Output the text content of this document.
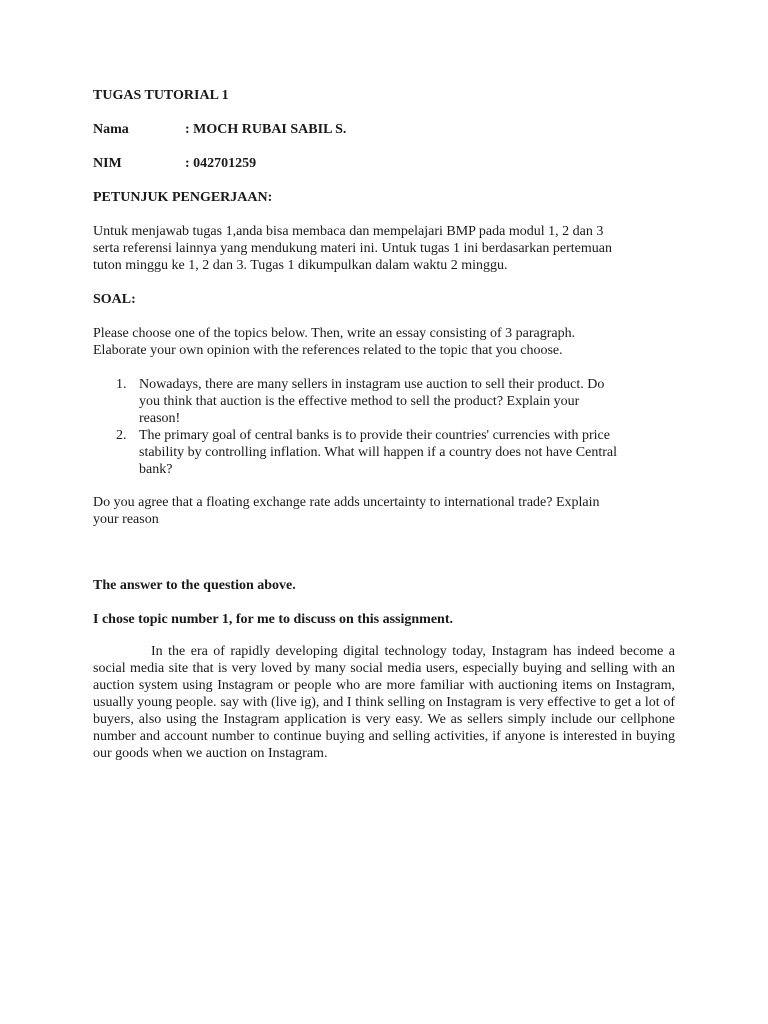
TUGAS TUTORIAL 1
Nama	: MOCH RUBAI SABIL S.
NIM	: 042701259
PETUNJUK PENGERJAAN:
Untuk menjawab tugas 1,anda bisa membaca dan mempelajari BMP pada modul 1, 2 dan 3
serta referensi lainnya yang mendukung materi ini. Untuk tugas 1 ini berdasarkan pertemuan
tuton minggu ke 1, 2 dan 3. Tugas 1 dikumpulkan dalam waktu 2 minggu.
SOAL:
Please choose one of the topics below. Then, write an essay consisting of 3 paragraph.
Elaborate your own opinion with the references related to the topic that you choose.
1. Nowadays, there are many sellers in instagram use auction to sell their product. Do
you think that auction is the effective method to sell the product? Explain your
reason!
2. The primary goal of central banks is to provide their countries' currencies with price
stability by controlling inflation. What will happen if a country does not have Central
bank?
Do you agree that a floating exchange rate adds uncertainty to international trade? Explain
your reason
The answer to the question above.
I chose topic number 1, for me to discuss on this assignment.
In the era of rapidly developing digital technology today, Instagram has indeed become a social media site that is very loved by many social media users, especially buying and selling with an auction system using Instagram or people who are more familiar with auctioning items on Instagram, usually young people. say with (live ig), and I think selling on Instagram is very effective to get a lot of buyers, also using the Instagram application is very easy. We as sellers simply include our cellphone number and account number to continue buying and selling activities, if anyone is interested in buying our goods when we auction on Instagram.
